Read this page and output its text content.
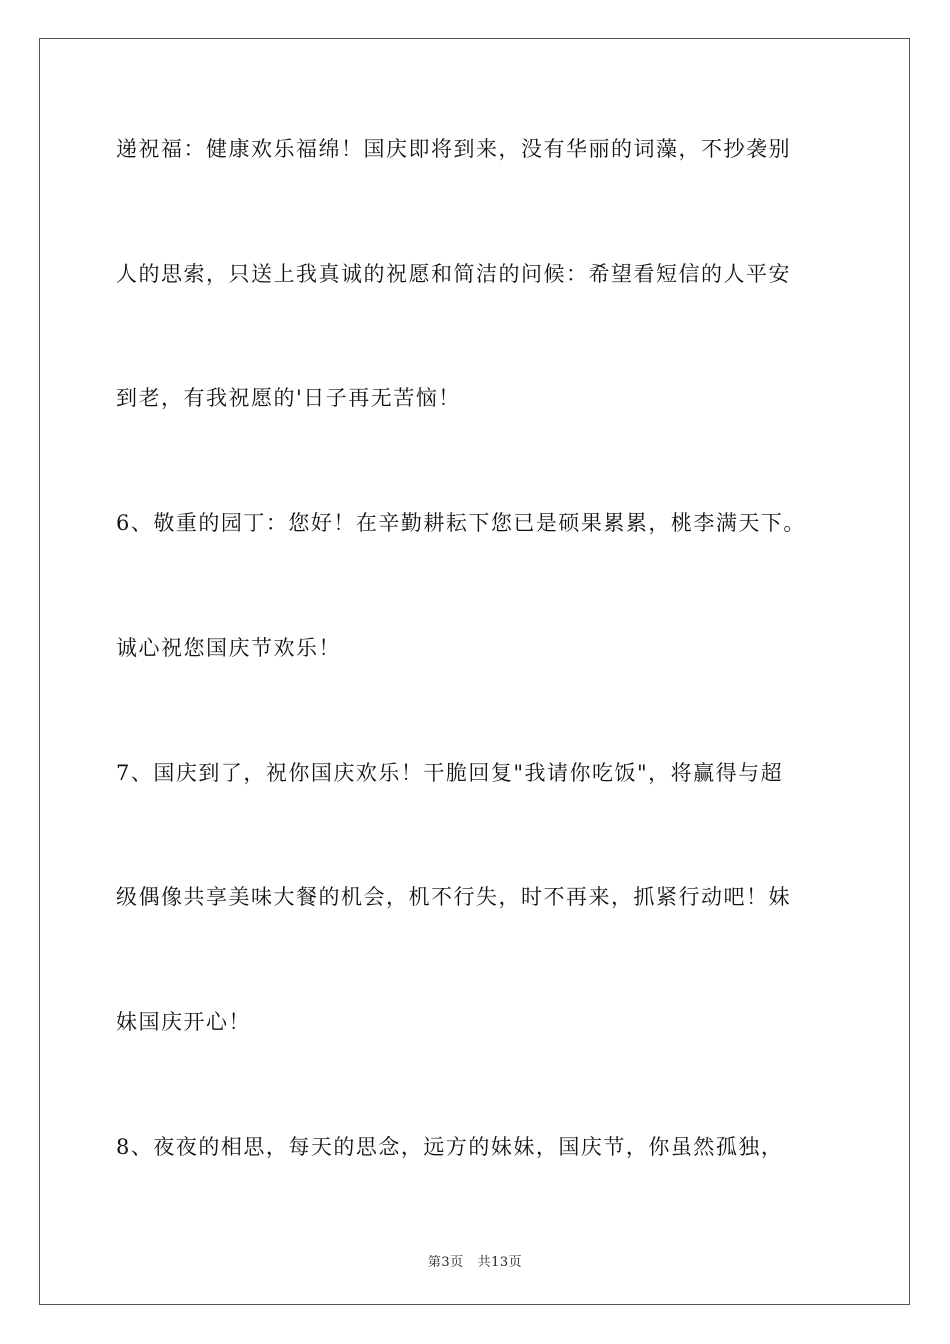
递祝福：健康欢乐福绵！国庆即将到来，没有华丽的词藻，不抄袭别
人的思索，只送上我真诚的祝愿和简洁的问候：希望看短信的人平安
到老，有我祝愿的'日子再无苦恼！
6、敬重的园丁：您好！在辛勤耕耘下您已是硕果累累，桃李满天下。
诚心祝您国庆节欢乐！
7、国庆到了，祝你国庆欢乐！干脆回复"我请你吃饭"，将赢得与超
级偶像共享美味大餐的机会，机不行失，时不再来，抓紧行动吧！妹
妹国庆开心！
8、夜夜的相思，每天的思念，远方的妹妹，国庆节，你虽然孤独，
第3页 共13页
